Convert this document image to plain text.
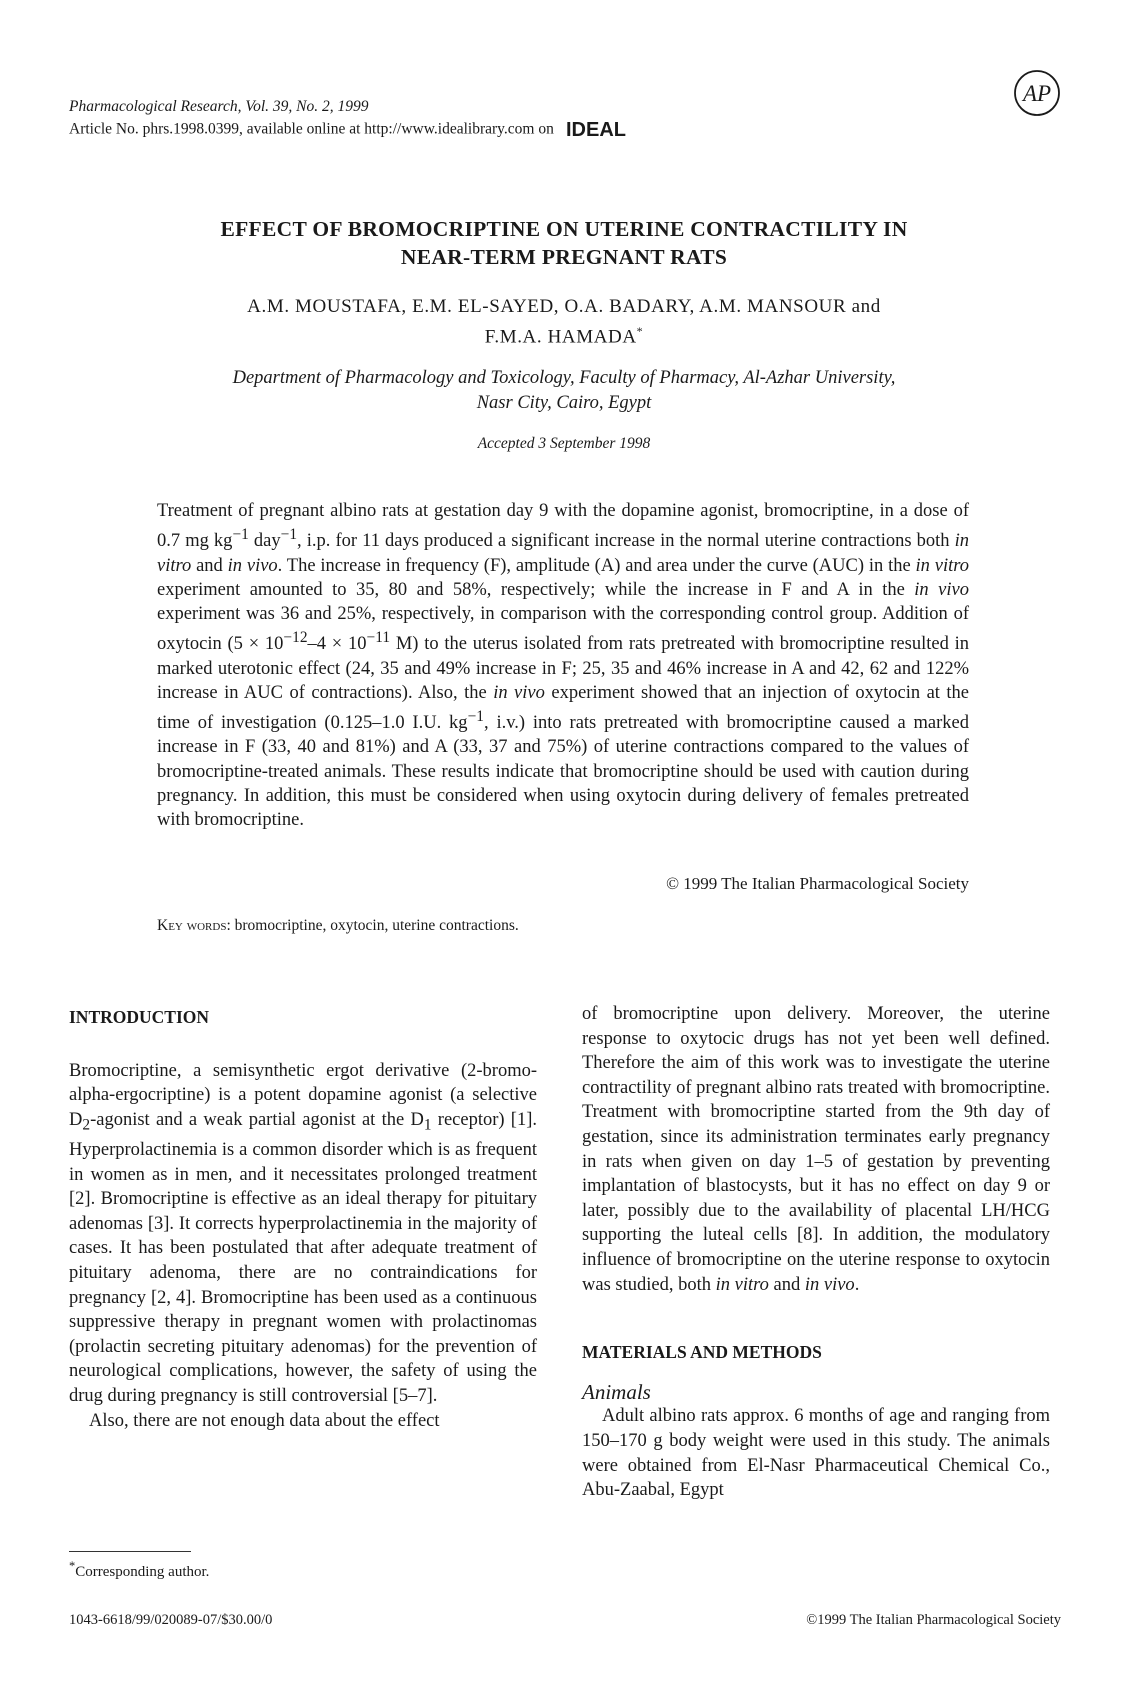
Pharmacological Research, Vol. 39, No. 2, 1999
Article No. phrs.1998.0399, available online at http://www.idealibrary.com on IDEAL
AP
EFFECT OF BROMOCRIPTINE ON UTERINE CONTRACTILITY IN
NEAR-TERM PREGNANT RATS
A.M. MOUSTAFA, E.M. EL-SAYED, O.A. BADARY, A.M. MANSOUR and
F.M.A. HAMADA*
Department of Pharmacology and Toxicology, Faculty of Pharmacy, Al-Azhar University,
Nasr City, Cairo, Egypt
Accepted 3 September 1998
Treatment of pregnant albino rats at gestation day 9 with the dopamine agonist, bromocriptine, in a dose of 0.7 mg $kg^{-1}$ day$^{-1}$, i.p. for 11 days produced a significant increase in the normal uterine contractions both in vitro and in vivo. The increase in frequency (F), amplitude (A) and area under the curve (AUC) in the in vitro experiment amounted to 35, 80 and 58%, respectively; while the increase in F and A in the in vivo experiment was 36 and 25%, respectively, in comparison with the corresponding control group. Addition of oxytocin ($5 \times 10^{-12}-4 \times 10^{-11}$ M) to the uterus isolated from rats pretreated with bromocriptine resulted in marked uterotonic effect (24, 35 and 49% increase in F; 25, 35 and 46% increase in A and 42, 62 and 122% increase in AUC of contractions). Also, the in vivo experiment showed that an injection of oxytocin at the time of investigation (0.125–1.0 I.U. $kg^{-1}$, i.v.) into rats pretreated with bromocriptine caused a marked increase in F (33, 40 and 81%) and A (33, 37 and 75%) of uterine contractions compared to the values of bromocriptine-treated animals. These results indicate that bromocriptine should be used with caution during pregnancy. In addition, this must be considered when using oxytocin during delivery of females pretreated with bromocriptine.
© 1999 The Italian Pharmacological Society
Key words: bromocriptine, oxytocin, uterine contractions.
INTRODUCTION

Bromocriptine, a semisynthetic ergot derivative (2-bromo-alpha-ergocriptine) is a potent dopamine agonist (a selective $D_2$-agonist and a weak partial agonist at the $D_1$ receptor) [1]. Hyperprolactinemia is a common disorder which is as frequent in women as in men, and it necessitates prolonged treatment [2]. Bromocriptine is effective as an ideal therapy for pituitary adenomas [3]. It corrects hyperprolactinemia in the majority of cases. It has been postulated that after adequate treatment of pituitary adenoma, there are no contraindications for pregnancy [2, 4]. Bromocriptine has been used as a continuous suppressive therapy in pregnant women with prolactinomas (prolactin secreting pituitary adenomas) for the prevention of neurological complications, however, the safety of using the drug during pregnancy is still controversial [5–7].

Also, there are not enough data about the effect

of bromocriptine upon delivery. Moreover, the uterine response to oxytocic drugs has not yet been well defined. Therefore the aim of this work was to investigate the uterine contractility of pregnant albino rats treated with bromocriptine. Treatment with bromocriptine started from the 9th day of gestation, since its administration terminates early pregnancy in rats when given on day 1–5 of gestation by preventing implantation of blastocysts, but it has no effect on day 9 or later, possibly due to the availability of placental LH/HCG supporting the luteal cells [8]. In addition, the modulatory influence of bromocriptine on the uterine response to oxytocin was studied, both in vitro and in vivo.

MATERIALS AND METHODS
Animals

Adult albino rats approx. 6 months of age and ranging from 150–170 g body weight were used in this study. The animals were obtained from El-Nasr Pharmaceutical Chemical Co., Abu-Zaabal, Egypt

*Corresponding author.
1043-6618/99/020089-07/$30.00/0	©1999 The Italian Pharmacological Society
